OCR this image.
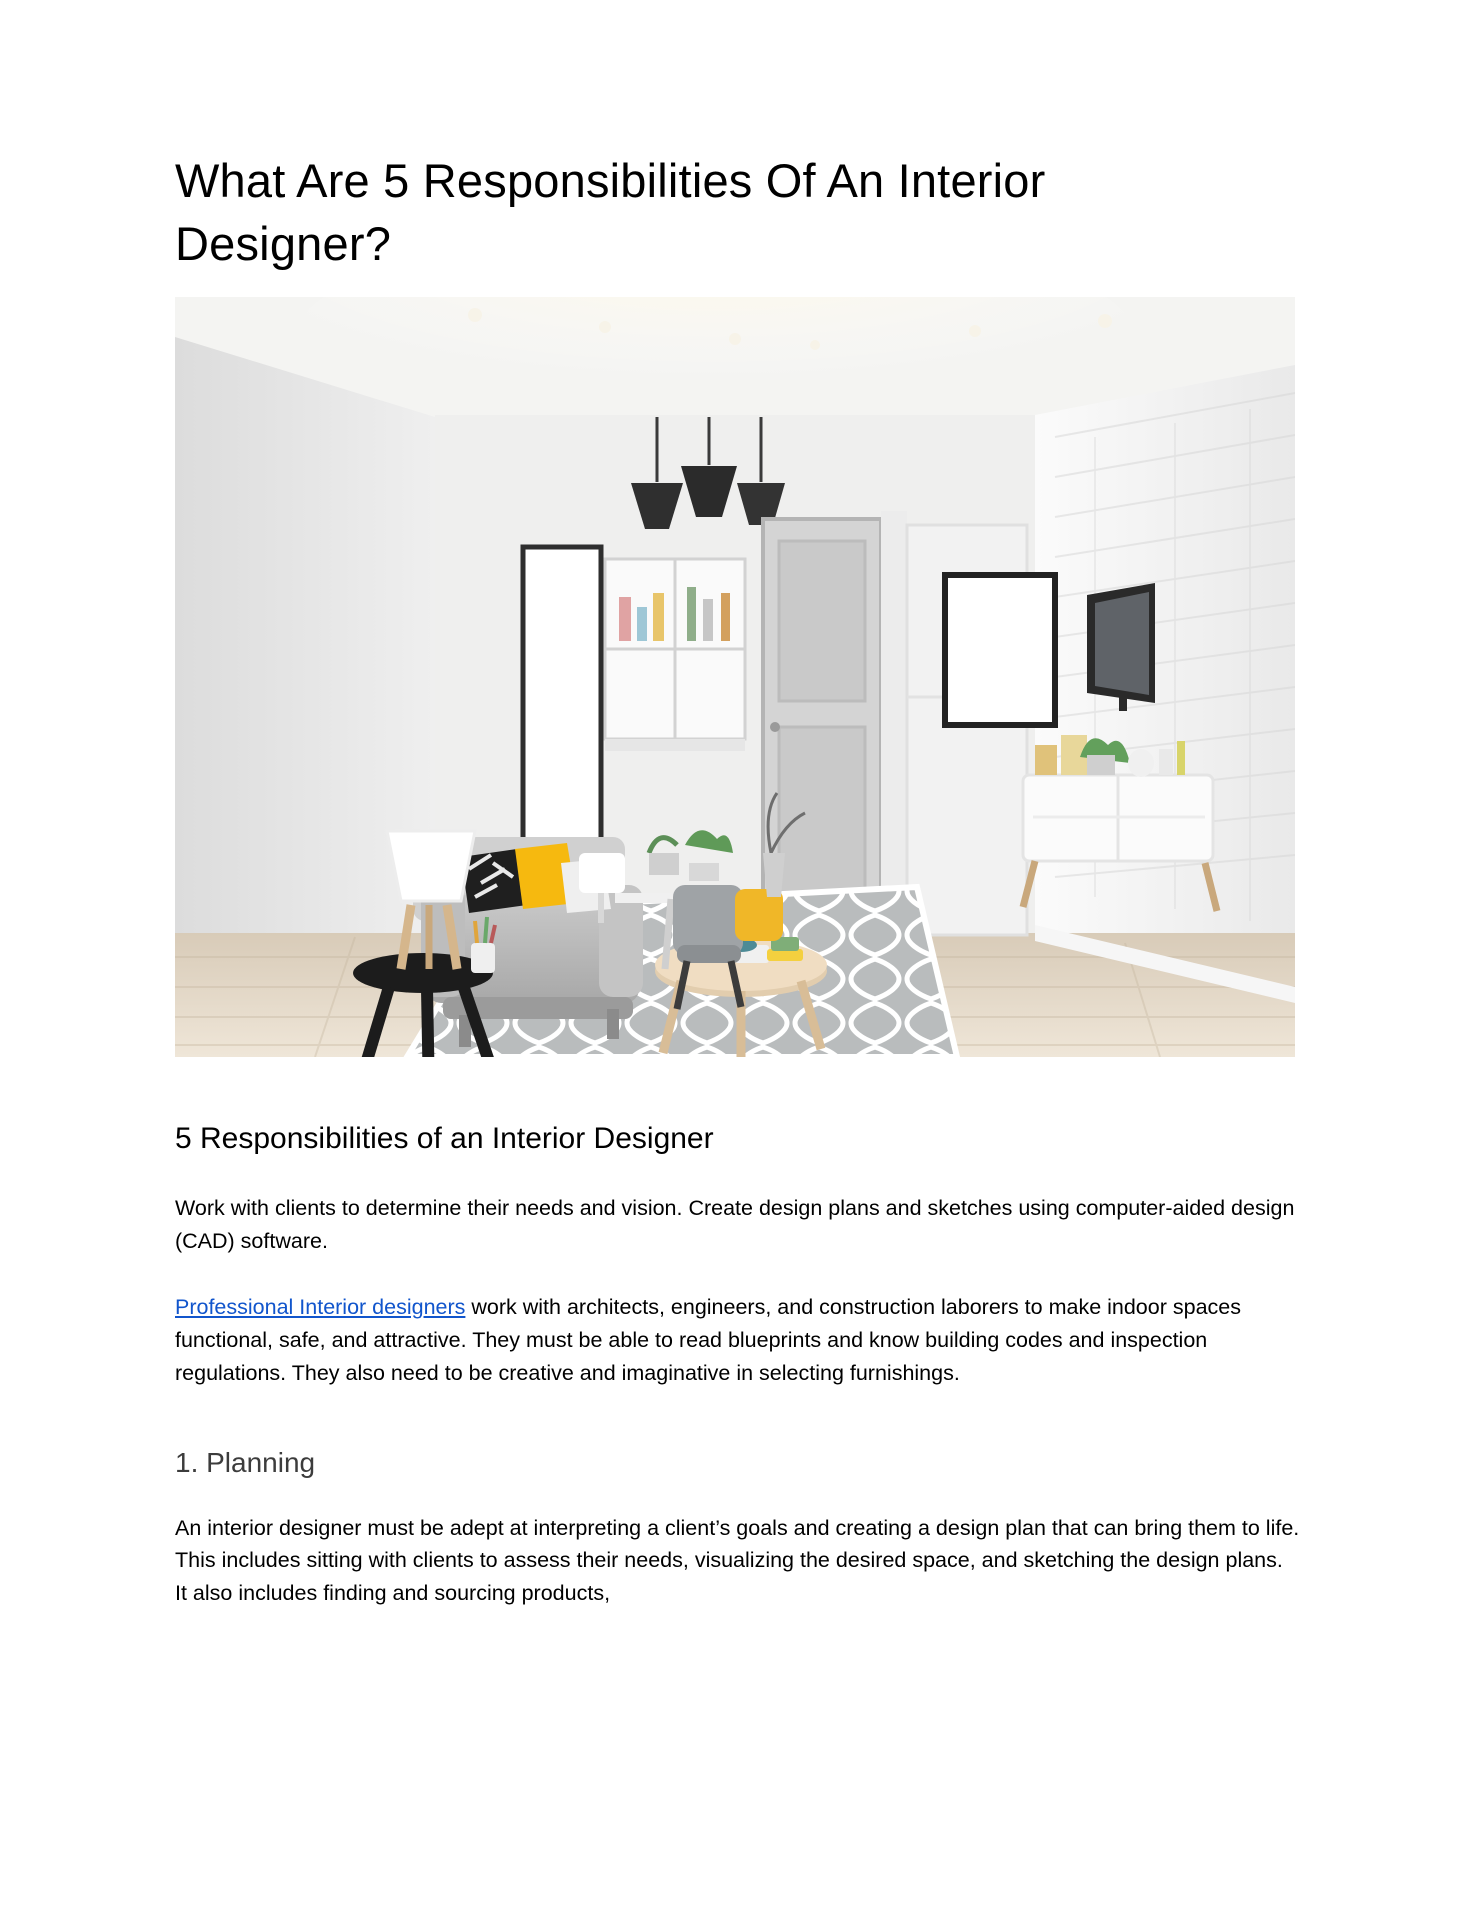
What Are 5 Responsibilities Of An Interior Designer?
5 Responsibilities of an Interior Designer

Work with clients to determine their needs and vision. Create design plans and sketches using computer-aided design (CAD) software.

Professional Interior designers work with architects, engineers, and construction laborers to make indoor spaces functional, safe, and attractive. They must be able to read blueprints and know building codes and inspection regulations. They also need to be creative and imaginative in selecting furnishings.

1. Planning

An interior designer must be adept at interpreting a client’s goals and creating a design plan that can bring them to life. This includes sitting with clients to assess their needs, visualizing the desired space, and sketching the design plans. It also includes finding and sourcing products,
